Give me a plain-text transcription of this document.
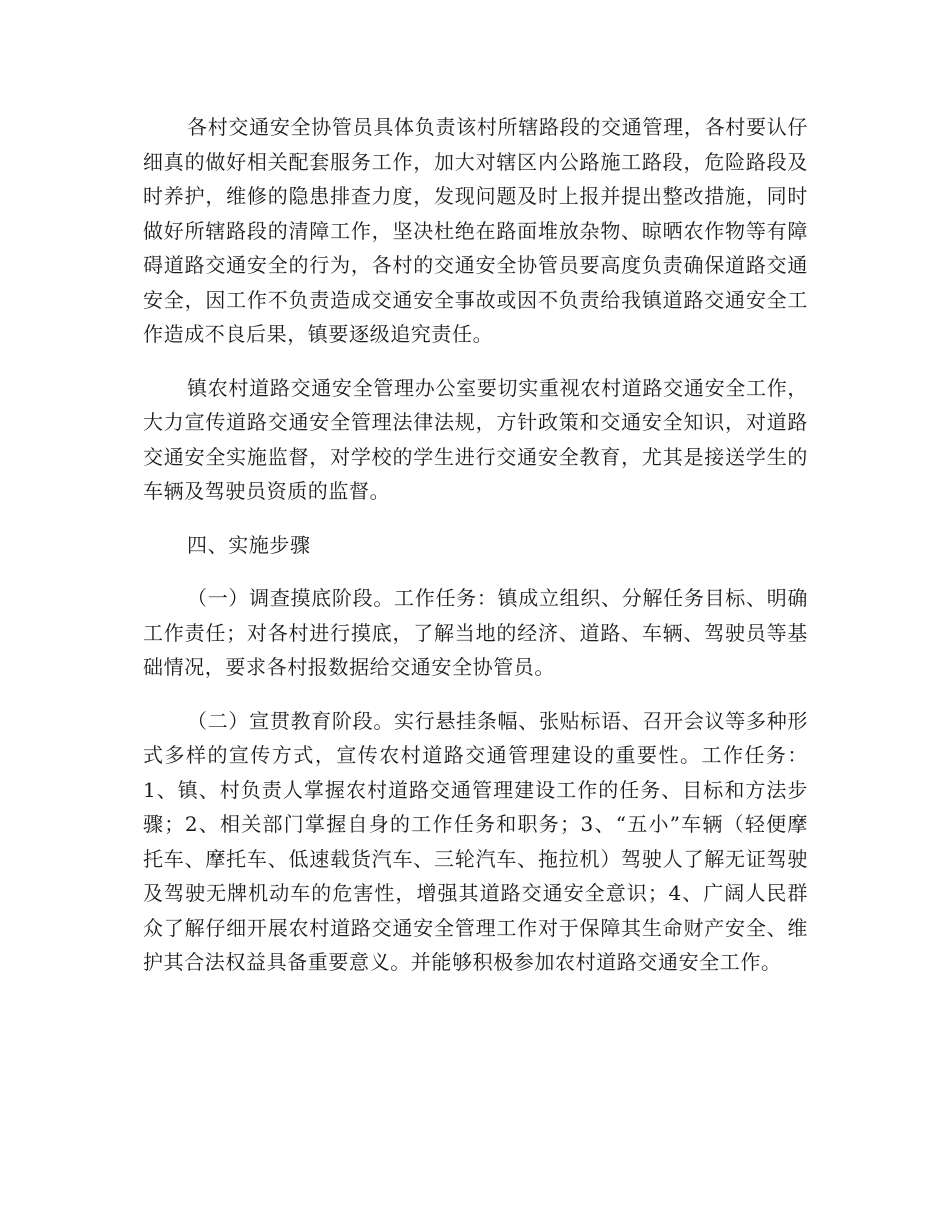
各村交通安全协管员具体负责该村所辖路段的交通管理，各村要认仔细真的做好相关配套服务工作，加大对辖区内公路施工路段，危险路段及时养护，维修的隐患排查力度，发现问题及时上报并提出整改措施，同时做好所辖路段的清障工作，坚决杜绝在路面堆放杂物、晾晒农作物等有障碍道路交通安全的行为，各村的交通安全协管员要高度负责确保道路交通安全，因工作不负责造成交通安全事故或因不负责给我镇道路交通安全工作造成不良后果，镇要逐级追究责任。

镇农村道路交通安全管理办公室要切实重视农村道路交通安全工作，大力宣传道路交通安全管理法律法规，方针政策和交通安全知识，对道路交通安全实施监督，对学校的学生进行交通安全教育，尤其是接送学生的车辆及驾驶员资质的监督。

四、实施步骤

（一）调查摸底阶段。工作任务：镇成立组织、分解任务目标、明确工作责任；对各村进行摸底，了解当地的经济、道路、车辆、驾驶员等基础情况，要求各村报数据给交通安全协管员。

（二）宣贯教育阶段。实行悬挂条幅、张贴标语、召开会议等多种形式多样的宣传方式，宣传农村道路交通管理建设的重要性。工作任务：1、镇、村负责人掌握农村道路交通管理建设工作的任务、目标和方法步骤；2、相关部门掌握自身的工作任务和职务；3、“五小”车辆（轻便摩托车、摩托车、低速载货汽车、三轮汽车、拖拉机）驾驶人了解无证驾驶及驾驶无牌机动车的危害性，增强其道路交通安全意识；4、广阔人民群众了解仔细开展农村道路交通安全管理工作对于保障其生命财产安全、维护其合法权益具备重要意义。并能够积极参加农村道路交通安全工作。
